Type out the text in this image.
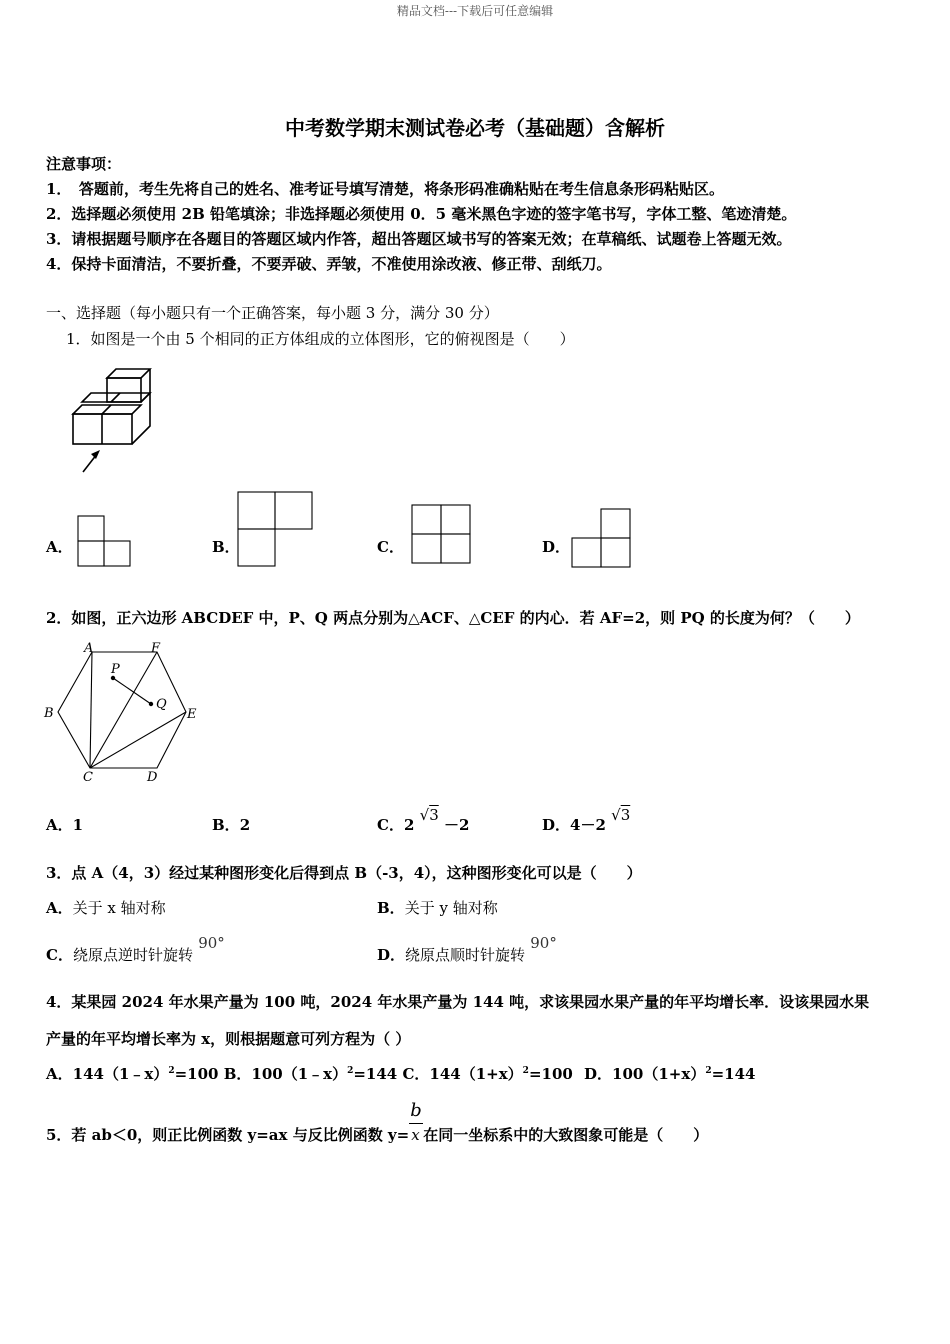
精品文档---下载后可任意编辑
中考数学期末测试卷必考（基础题）含解析
注意事项：
1．　答题前，考生先将自己的姓名、准考证号填写清楚，将条形码准确粘贴在考生信息条形码粘贴区。
2．选择题必须使用 2B 铅笔填涂；非选择题必须使用 0．5 毫米黑色字迹的签字笔书写，字体工整、笔迹清楚。
3．请根据题号顺序在各题目的答题区域内作答，超出答题区域书写的答案无效；在草稿纸、试题卷上答题无效。
4．保持卡面清洁，不要折叠，不要弄破、弄皱，不准使用涂改液、修正带、刮纸刀。
一、选择题（每小题只有一个正确答案，每小题 3 分，满分 30 分）
1．如图是一个由 5 个相同的正方体组成的立体图形，它的俯视图是（　　）
A．	B．	C．	D．
2．如图，正六边形 ABCDEF 中，P、Q 两点分别为△ACF、△CEF 的内心．若 AF=2，则 PQ 的长度为何？（　　）
A	F
B	E
C	D
P
Q
A．1	B．2	C．2 √3 －2	D．4－2 √3
3．点 A（4，3）经过某种图形变化后得到点 B（-3，4），这种图形变化可以是（　　）
A．关于 x 轴对称	B．关于 y 轴对称
C．绕原点逆时针旋转 90°
D．绕原点顺时针旋转 90°
4．某果园 2024 年水果产量为 100 吨，2024 年水果产量为 144 吨，求该果园水果产量的年平均增长率．设该果园水果
产量的年平均增长率为 x，则根据题意可列方程为（ ）
A．144（1﹣x）$^2$=100 B．100（1﹣x）$^2$=144 C．$144(1+x)^2=100$ D．$100(1+x)^2=144$
5．若 ab＜0，则正比例函数 y=ax 与反比例函数 y=
b
x 在同一坐标系中的大致图象可能是（　　）
